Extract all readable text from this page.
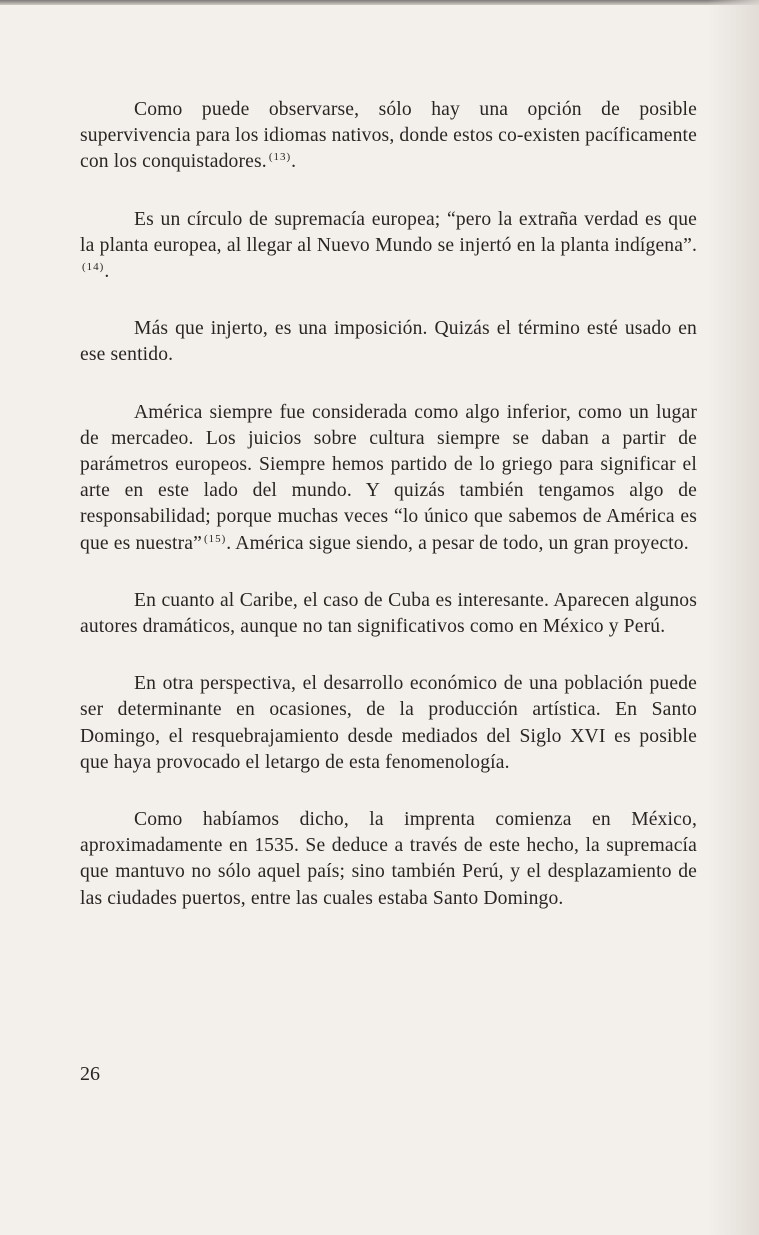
Como puede observarse, sólo hay una opción de posible supervivencia para los idiomas nativos, donde estos co-existen pacíficamente con los conquistadores. $^{(13)}$.

Es un círculo de supremacía europea; “pero la extraña verdad es que la planta europea, al llegar al Nuevo Mundo se injertó en la planta indígena”.$^{(14)}$.

Más que injerto, es una imposición. Quizás el término esté usado en ese sentido.

América siempre fue considerada como algo inferior, como un lugar de mercadeo. Los juicios sobre cultura siempre se daban a partir de parámetros europeos. Siempre hemos partido de lo griego para significar el arte en este lado del mundo. Y quizás también tengamos algo de responsabilidad; porque muchas veces “lo único que sabemos de América es que es nuestra” $^{(15)}$. América sigue siendo, a pesar de todo, un gran proyecto.

En cuanto al Caribe, el caso de Cuba es interesante. Aparecen algunos autores dramáticos, aunque no tan significativos como en México y Perú.

En otra perspectiva, el desarrollo económico de una población puede ser determinante en ocasiones, de la producción artística. En Santo Domingo, el resquebrajamiento desde mediados del Siglo XVI es posible que haya provocado el letargo de esta fenomenología.

Como habíamos dicho, la imprenta comienza en México, aproximadamente en 1535. Se deduce a través de este hecho, la supremacía que mantuvo no sólo aquel país; sino también Perú, y el desplazamiento de las ciudades puertos, entre las cuales estaba Santo Domingo.

26
